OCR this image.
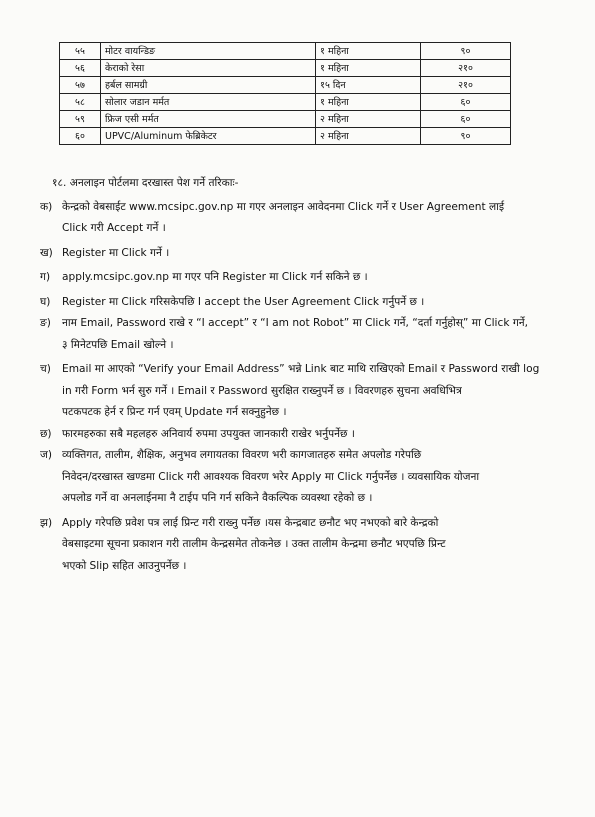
५५	मोटर वायन्डिङ	१ महिना	९०
५६	केराको रेसा	१ महिना	२१०
५७	हर्बल सामग्री	१५ दिन	२१०
५८	सोलार जडान मर्मत	१ महिना	६०
५९	फ्रिज एसी मर्मत	२ महिना	६०
६०	UPVC/Aluminum फेब्रिकेटर	२ महिना	९०
१८. अनलाइन पोर्टलमा दरखास्त पेश गर्ने तरिकाः-
क) केन्द्रको वेबसाईट www.mcsipc.gov.np मा गएर अनलाइन आवेदनमा Click गर्ने र User Agreement लाई
Click गरी Accept गर्ने ।
ख) Register मा Click गर्ने ।
ग)	apply.mcsipc.gov.np मा गएर पनि Register मा Click गर्न सकिने छ ।
घ)	Register मा Click गरिसकेपछि I accept the User Agreement Click गर्नुपर्ने छ ।
ङ)	नाम Email, Password राखे र “I accept” र “I am not Robot” मा Click गर्ने, “दर्ता गर्नुहोस्” मा Click गर्ने,
३ मिनेटपछि Email खोल्ने ।
च)	Email मा आएको “Verify your Email Address” भन्ने Link बाट माथि राखिएको Email र Password राखी log
in गरी Form भर्न सुरु गर्ने । Email र Password सुरक्षित राख्नुपर्ने छ । विवरणहरु सुचना अवधिभित्र
पटकपटक हेर्न र प्रिन्ट गर्न एवम् Update गर्न सक्नुहुनेछ ।
छ) फारमहरुका सबै महलहरु अनिवार्य रुपमा उपयुक्त जानकारी राखेर भर्नुपर्नेछ ।
ज) व्यक्तिगत, तालीम, शैक्षिक, अनुभव लगायतका विवरण भरी कागजातहरु समेत अपलोड गरेपछि
निवेदन/दरखास्त खण्डमा Click गरी आवश्यक विवरण भरेर Apply मा Click गर्नुपर्नेछ । व्यवसायिक योजना
अपलोड गर्ने वा अनलाईनमा नै टाईप पनि गर्न सकिने वैकल्पिक व्यवस्था रहेको छ ।
झ) Apply गरेपछि प्रवेश पत्र लाई प्रिन्ट गरी राख्नु पर्नेछ ।यस केन्द्रबाट छनौट भए नभएको बारे केन्द्रको
वेबसाइटमा सूचना प्रकाशन गरी तालीम केन्द्रसमेत तोकनेछ । उक्त तालीम केन्द्रमा छनौट भएपछि प्रिन्ट
भएको Slip सहित आउनुपर्नेछ ।
